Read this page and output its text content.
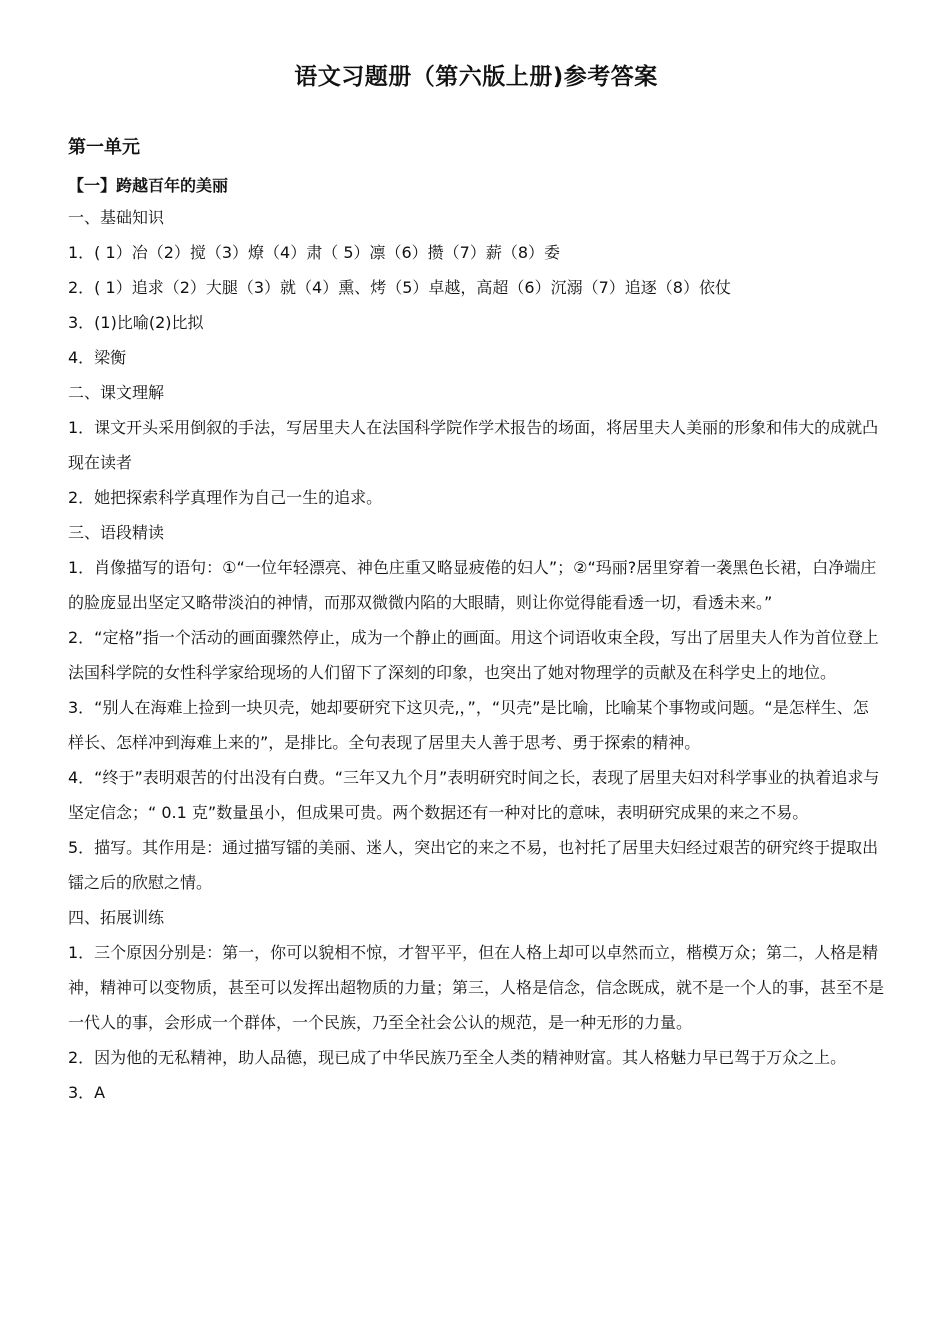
语文习题册（第六版上册)参考答案
第一单元
【一】跨越百年的美丽
一、基础知识
1．( 1）冶（2）搅（3）燎（4）肃（ 5）凛（6）攒（7）薪（8）委
2．( 1）追求（2）大腿（3）就（4）熏、烤（5）卓越，高超（6）沉溺（7）追逐（8）依仗
3．(1)比喻(2)比拟
4．梁衡
二、课文理解
1．课文开头采用倒叙的手法，写居里夫人在法国科学院作学术报告的场面，将居里夫人美丽的形象和伟大的成就凸现在读者
2．她把探索科学真理作为自己一生的追求。
三、语段精读
1．肖像描写的语句：①“一位年轻漂亮、神色庄重又略显疲倦的妇人”；②“玛丽?居里穿着一袭黑色长裙，白净端庄的脸庞显出坚定又略带淡泊的神情，而那双微微内陷的大眼睛，则让你觉得能看透一切，看透未来。”
2．“定格”指一个活动的画面骤然停止，成为一个静止的画面。用这个词语收束全段，写出了居里夫人作为首位登上法国科学院的女性科学家给现场的人们留下了深刻的印象，也突出了她对物理学的贡献及在科学史上的地位。
3．“别人在海难上捡到一块贝壳，她却要研究下这贝壳,，”，“贝壳”是比喻，比喻某个事物或问题。“是怎样生、怎样长、怎样冲到海难上来的”，是排比。全句表现了居里夫人善于思考、勇于探索的精神。
4．“终于”表明艰苦的付出没有白费。“三年又九个月”表明研究时间之长，表现了居里夫妇对科学事业的执着追求与坚定信念；“ 0.1 克”数量虽小，但成果可贵。两个数据还有一种对比的意味，表明研究成果的来之不易。
5．描写。其作用是：通过描写镭的美丽、迷人，突出它的来之不易，也衬托了居里夫妇经过艰苦的研究终于提取出镭之后的欣慰之情。
四、拓展训练
1．三个原因分别是：第一，你可以貌相不惊，才智平平，但在人格上却可以卓然而立，楷模万众；第二，人格是精神，精神可以变物质，甚至可以发挥出超物质的力量；第三，人格是信念，信念既成，就不是一个人的事，甚至不是一代人的事，会形成一个群体，一个民族，乃至全社会公认的规范，是一种无形的力量。
2．因为他的无私精神，助人品德，现已成了中华民族乃至全人类的精神财富。其人格魅力早已驾于万众之上。
3．A
